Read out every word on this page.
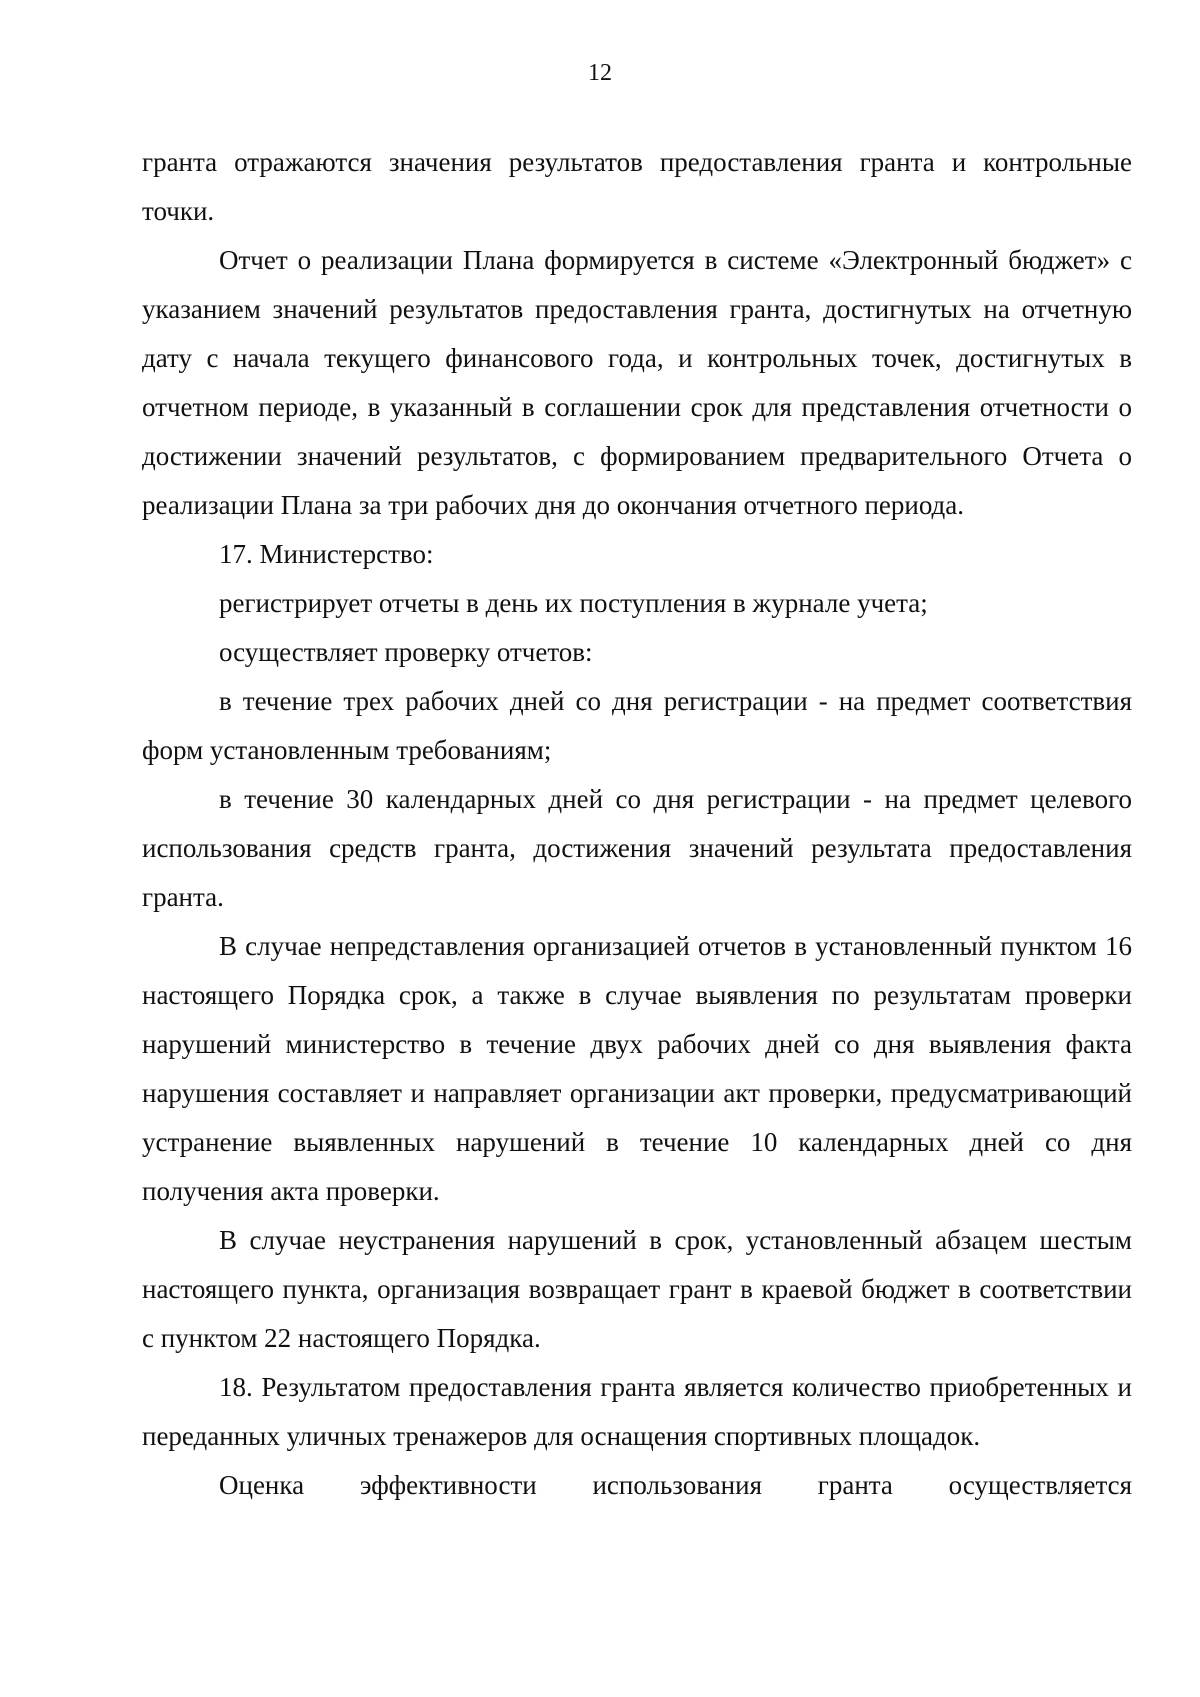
12

гранта отражаются значения результатов предоставления гранта и контрольные точки.

Отчет о реализации Плана формируется в системе «Электронный бюджет» с указанием значений результатов предоставления гранта, достигнутых на отчетную дату с начала текущего финансового года, и контрольных точек, достигнутых в отчетном периоде, в указанный в соглашении срок для представления отчетности о достижении значений результатов, с формированием предварительного Отчета о реализации Плана за три рабочих дня до окончания отчетного периода.

17. Министерство:

регистрирует отчеты в день их поступления в журнале учета;

осуществляет проверку отчетов:

в течение трех рабочих дней со дня регистрации - на предмет соответствия форм установленным требованиям;

в течение 30 календарных дней со дня регистрации - на предмет целевого использования средств гранта, достижения значений результата предоставления гранта.

В случае непредставления организацией отчетов в установленный пунктом 16 настоящего Порядка срок, а также в случае выявления по результатам проверки нарушений министерство в течение двух рабочих дней со дня выявления факта нарушения составляет и направляет организации акт проверки, предусматривающий устранение выявленных нарушений в течение 10 календарных дней со дня получения акта проверки.

В случае неустранения нарушений в срок, установленный абзацем шестым настоящего пункта, организация возвращает грант в краевой бюджет в соответствии с пунктом 22 настоящего Порядка.

18. Результатом предоставления гранта является количество приобретенных и переданных уличных тренажеров для оснащения спортивных площадок.

Оценка эффективности использования гранта осуществляется
